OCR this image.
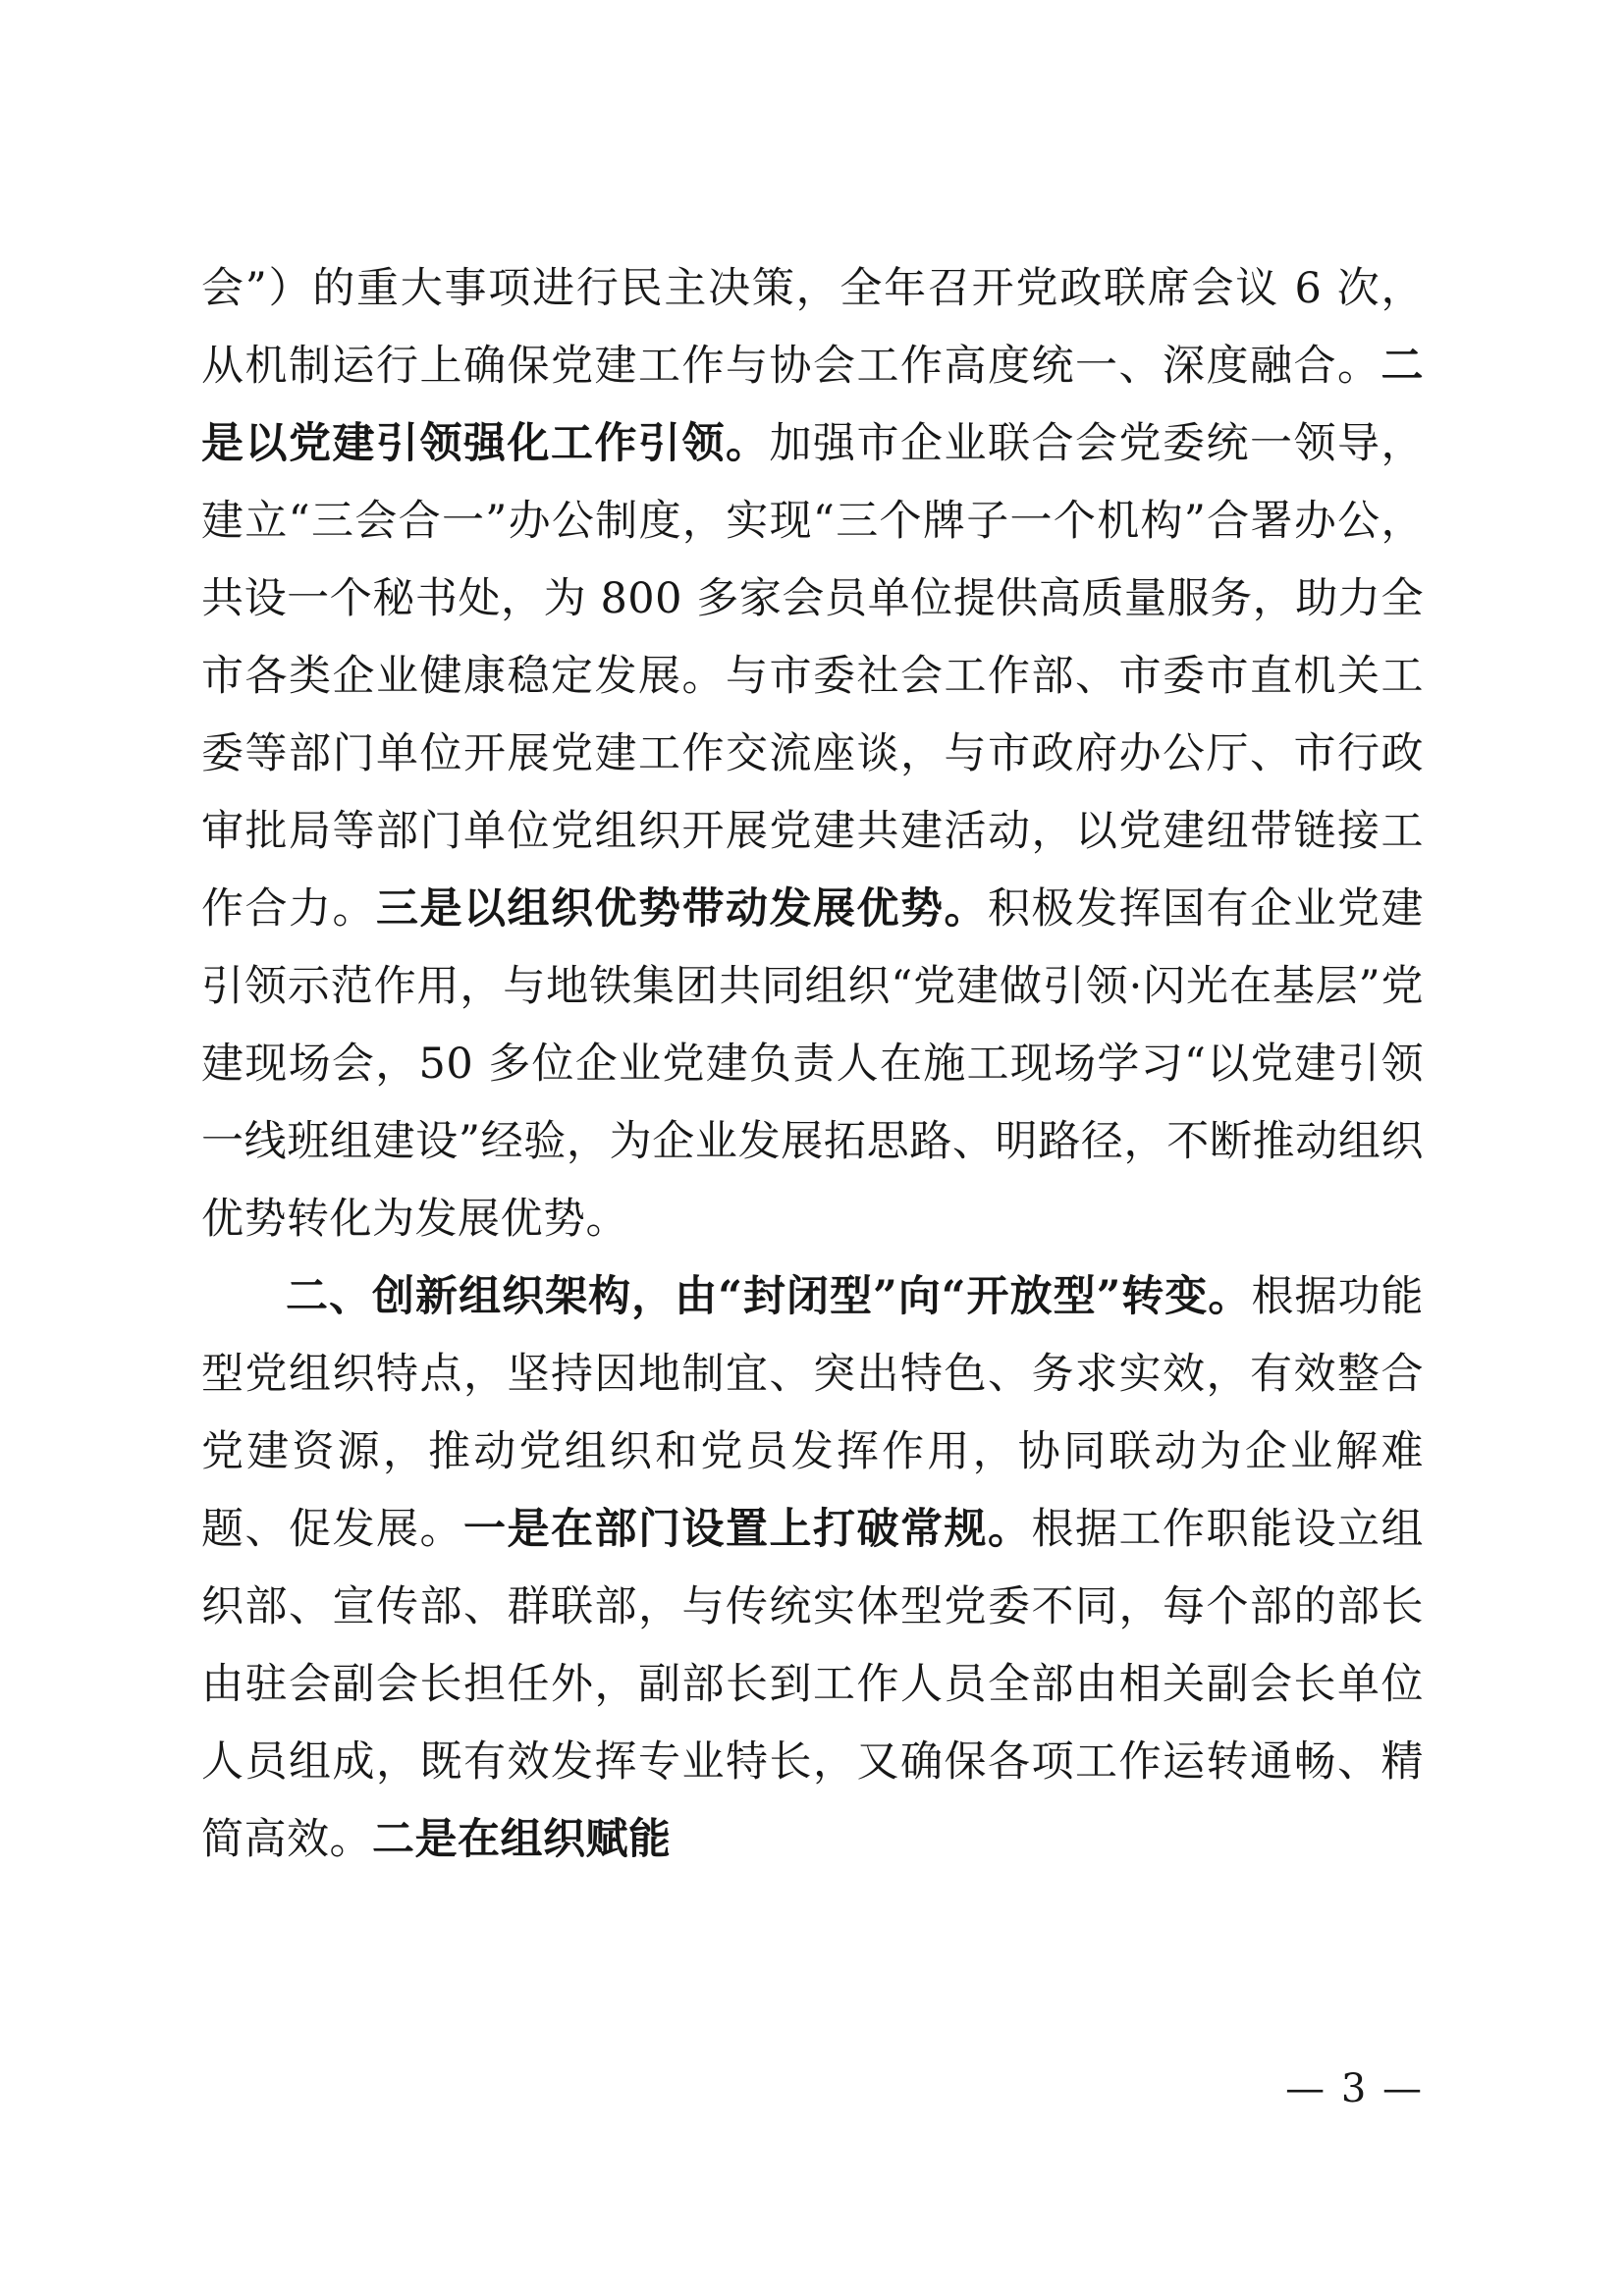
会”）的重大事项进行民主决策，全年召开党政联席会议 6 次，从机制运行上确保党建工作与协会工作高度统一、深度融合。二是以党建引领强化工作引领。加强市企业联合会党委统一领导，建立“三会合一”办公制度，实现“三个牌子一个机构”合署办公，共设一个秘书处，为 800 多家会员单位提供高质量服务，助力全市各类企业健康稳定发展。与市委社会工作部、市委市直机关工委等部门单位开展党建工作交流座谈，与市政府办公厅、市行政审批局等部门单位党组织开展党建共建活动，以党建纽带链接工作合力。三是以组织优势带动发展优势。积极发挥国有企业党建引领示范作用，与地铁集团共同组织“党建做引领·闪光在基层”党建现场会，50 多位企业党建负责人在施工现场学习“以党建引领一线班组建设”经验，为企业发展拓思路、明路径，不断推动组织优势转化为发展优势。

二、创新组织架构，由“封闭型”向“开放型”转变。根据功能型党组织特点，坚持因地制宜、突出特色、务求实效，有效整合党建资源，推动党组织和党员发挥作用，协同联动为企业解难题、促发展。一是在部门设置上打破常规。根据工作职能设立组织部、宣传部、群联部，与传统实体型党委不同，每个部的部长由驻会副会长担任外，副部长到工作人员全部由相关副会长单位人员组成，既有效发挥专业特长，又确保各项工作运转通畅、精简高效。二是在组织赋能

— 3 —
